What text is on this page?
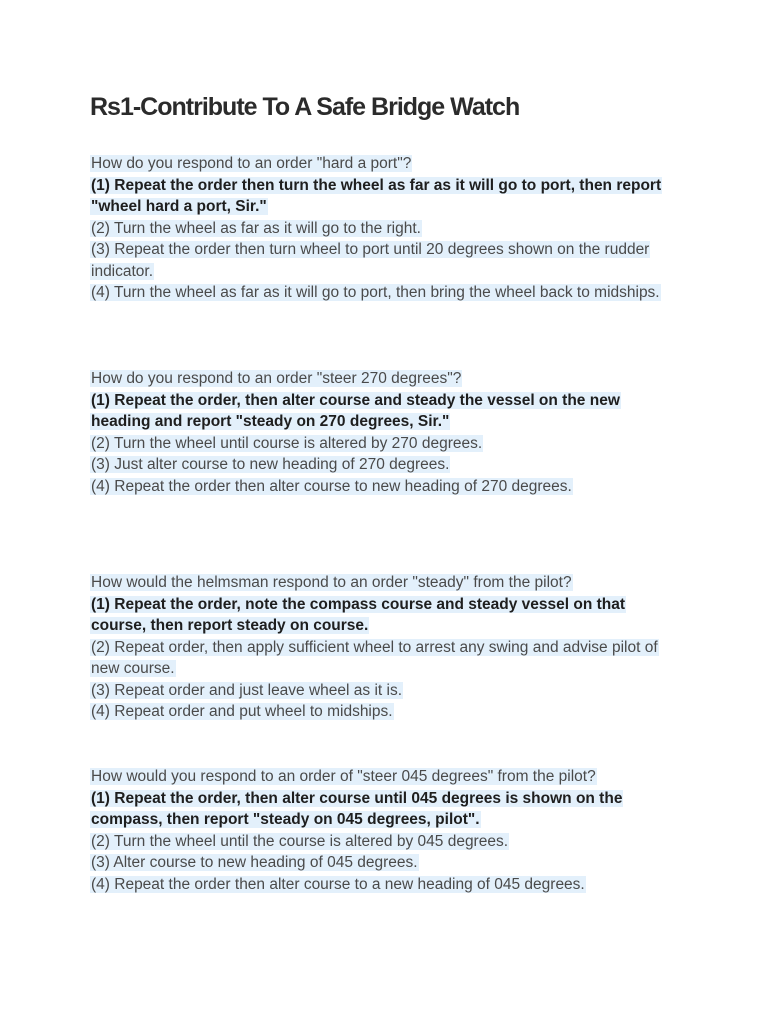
Rs1-Contribute To A Safe Bridge Watch

How do you respond to an order "hard a port"?

(1) Repeat the order then turn the wheel as far as it will go to port, then report "wheel hard a port, Sir."

(2) Turn the wheel as far as it will go to the right.

(3) Repeat the order then turn wheel to port until 20 degrees shown on the rudder indicator.

(4) Turn the wheel as far as it will go to port, then bring the wheel back to midships.

How do you respond to an order "steer 270 degrees"?

(1) Repeat the order, then alter course and steady the vessel on the new heading and report "steady on 270 degrees, Sir."

(2) Turn the wheel until course is altered by 270 degrees.

(3) Just alter course to new heading of 270 degrees.

(4) Repeat the order then alter course to new heading of 270 degrees.

How would the helmsman respond to an order "steady" from the pilot?

(1) Repeat the order, note the compass course and steady vessel on that course, then report steady on course.

(2) Repeat order, then apply sufficient wheel to arrest any swing and advise pilot of new course.

(3) Repeat order and just leave wheel as it is.

(4) Repeat order and put wheel to midships.

How would you respond to an order of "steer 045 degrees" from the pilot?

(1) Repeat the order, then alter course until 045 degrees is shown on the compass, then report "steady on 045 degrees, pilot".

(2) Turn the wheel until the course is altered by 045 degrees.

(3) Alter course to new heading of 045 degrees.

(4) Repeat the order then alter course to a new heading of 045 degrees.
